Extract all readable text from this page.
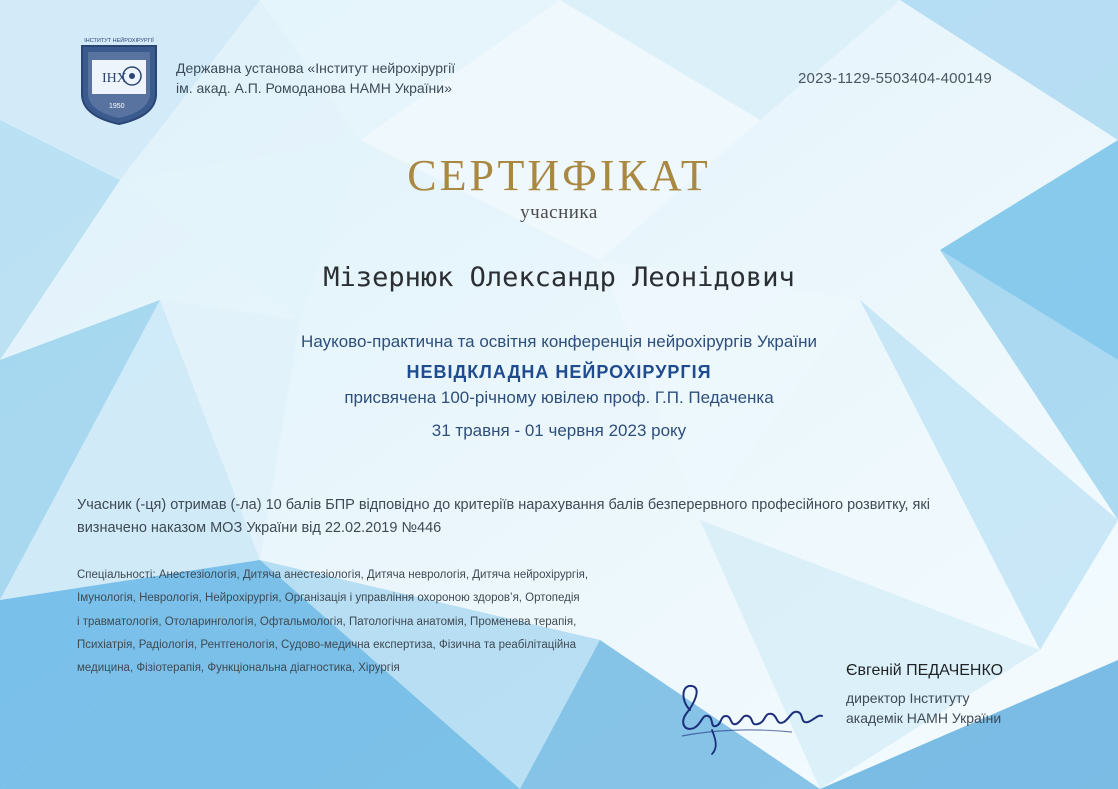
ІНХ
1950
ІНСТИТУТ НЕЙРОХІРУРГІЇ
Державна установа «Інститут нейрохірургії
ім. акад. А.П. Ромоданова НАМН України»
2023-1129-5503404-400149
СЕРТИФІКАТ
учасника
Мізернюк Олександр Леонідович
Науково-практична та освітня конференція нейрохірургів України
НЕВІДКЛАДНА НЕЙРОХІРУРГІЯ
присвячена 100-річному ювілею проф. Г.П. Педаченка
31 травня - 01 червня 2023 року
Учасник (-ця) отримав (-ла) 10 балів БПР відповідно до критеріїв нарахування балів безперервного професійного розвитку, які
визначено наказом МОЗ України від 22.02.2019 №446
Спеціальності: Анестезіологія, Дитяча анестезіологія, Дитяча неврологія, Дитяча нейрохірургія,
Імунологія, Неврологія, Нейрохірургія, Організація і управління охороною здоров’я, Ортопедія
і травматологія, Отоларингологія, Офтальмологія, Патологічна анатомія, Променева терапія,
Психіатрія, Радіологія, Рентгенологія, Судово-медична експертиза, Фізична та реабілітаційна
медицина, Фізіотерапія, Функціональна діагностика, Хірургія	Євгеній ПЕДАЧЕНКО
директор Інституту
академік НАМН України
